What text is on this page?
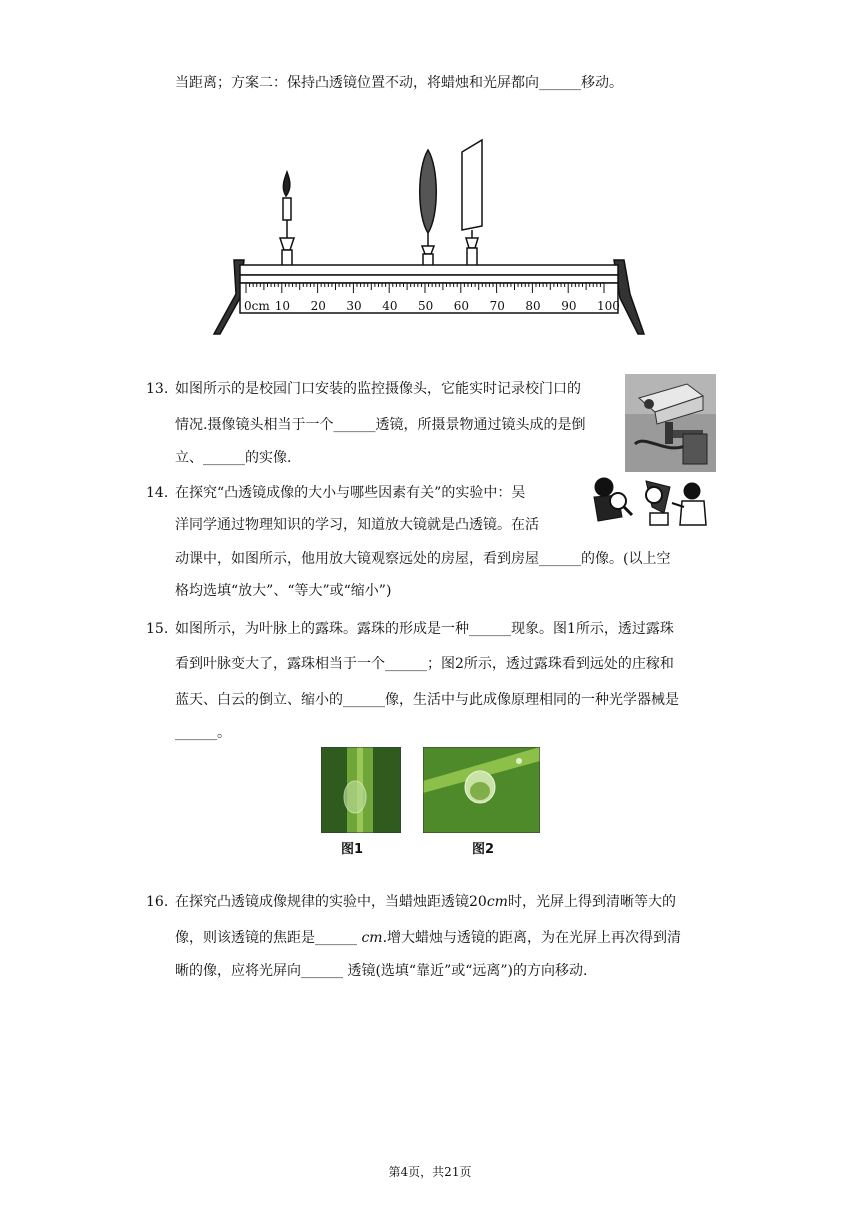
当距离；方案二：保持凸透镜位置不动，将蜡烛和光屏都向______移动。
0cm 10 20 30 40 50 60 70 80 90 100
13. 如图所示的是校园门口安装的监控摄像头，它能实时记录校门口的
情况.摄像镜头相当于一个______透镜，所摄景物通过镜头成的是倒
立、______的实像.
14. 在探究“凸透镜成像的大小与哪些因素有关”的实验中：吴
洋同学通过物理知识的学习，知道放大镜就是凸透镜。在活
动课中，如图所示，他用放大镜观察远处的房屋，看到房屋______的像。(以上空
格均选填“放大”、“等大”或“缩小”)
15. 如图所示，为叶脉上的露珠。露珠的形成是一种______现象。图1所示，透过露珠
看到叶脉变大了，露珠相当于一个______；图2所示，透过露珠看到远处的庄稼和
蓝天、白云的倒立、缩小的______像，生活中与此成像原理相同的一种光学器械是
______。
图1	图2
16. 在探究凸透镜成像规律的实验中，当蜡烛距透镜20cm时，光屏上得到清晰等大的
像，则该透镜的焦距是______ cm.增大蜡烛与透镜的距离，为在光屏上再次得到清
晰的像，应将光屏向______ 透镜(选填“靠近”或“远离”)的方向移动.
第4页，共21页
